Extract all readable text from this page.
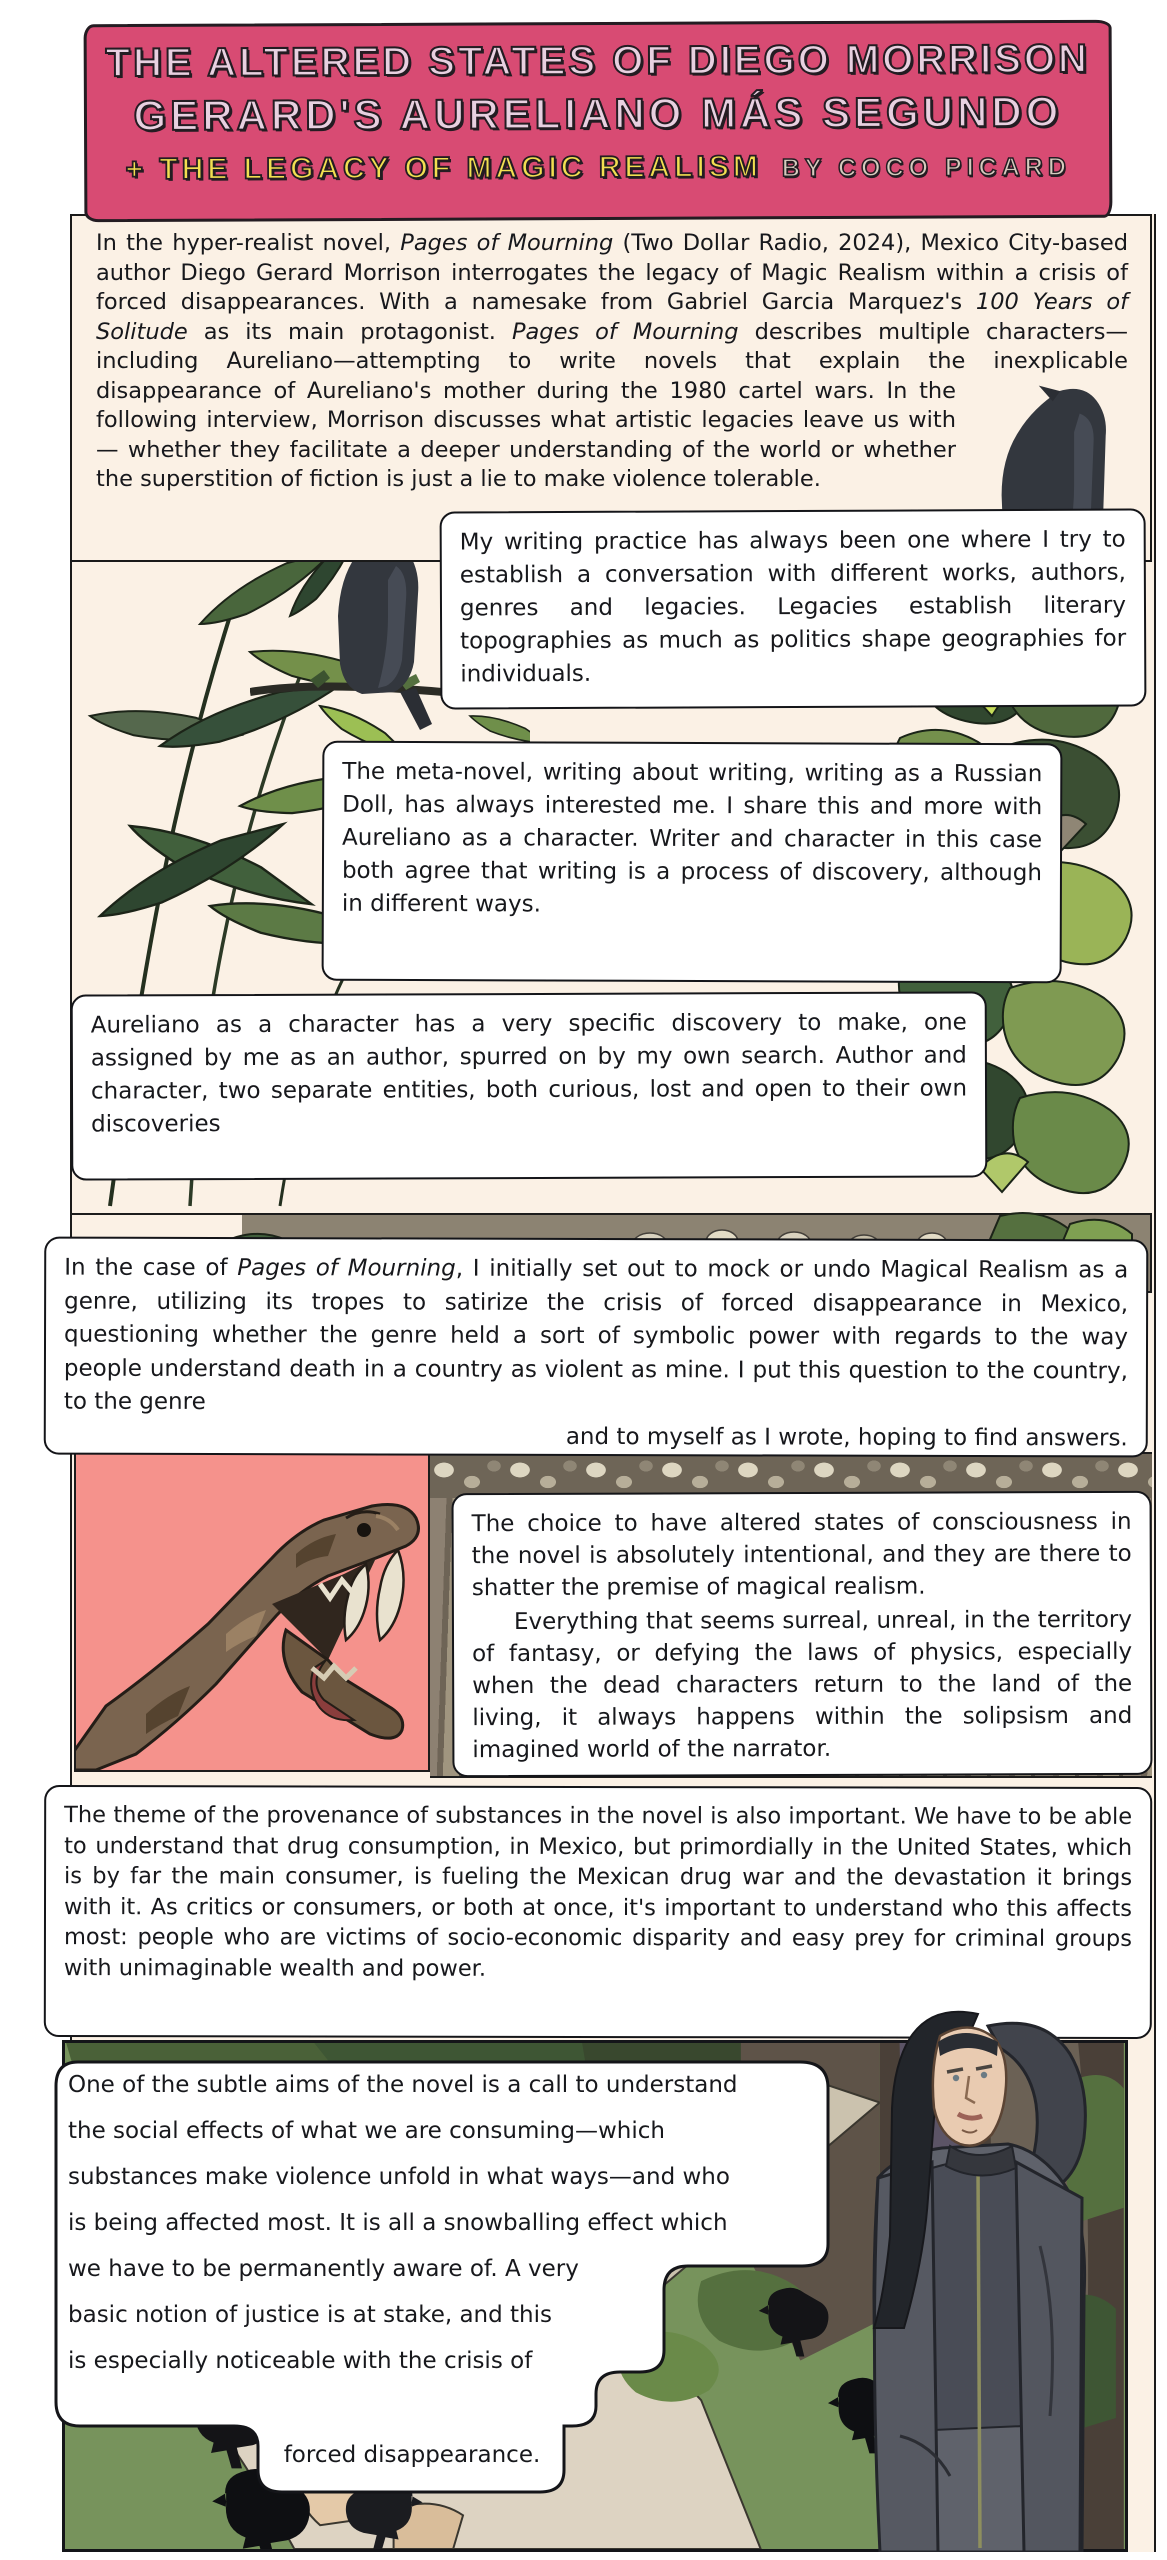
THE ALTERED STATES OF DIEGO MORRISON
GERARD'S AURELIANO MÁS SEGUNDO
+ THE LEGACY OF MAGIC REALISM BY COCO PICARD
In the hyper-realist novel, Pages of Mourning (Two Dollar Radio, 2024), Mexico City-based author Diego Gerard Morrison interrogates the legacy of Magic Realism within a crisis of forced disappearances. With a namesake from Gabriel Garcia Marquez's 100 Years of Solitude as its main protagonist. Pages of Mourning describes multiple characters—including Aureliano—attempting to write novels that explain the inexplicable
disappearance of Aureliano's mother during the 1980 cartel wars. In the following interview, Morrison discusses what artistic legacies leave us with — whether they facilitate a deeper understanding of the world or whether the superstition of fiction is just a lie to make violence tolerable.
My writing practice has always been one where I try to establish a conversation with different works, authors, genres and legacies. Legacies establish literary topographies as much as politics shape geographies for individuals.
The meta-novel, writing about writing, writing as a Russian Doll, has always interested me. I share this and more with Aureliano as a character. Writer and character in this case both agree that writing is a process of discovery, although in different ways.
Aureliano as a character has a very specific discovery to make, one assigned by me as an author, spurred on by my own search. Author and character, two separate entities, both curious, lost and open to their own discoveries
In the case of Pages of Mourning, I initially set out to mock or undo Magical Realism as a genre, utilizing its tropes to satirize the crisis of forced disappearance in Mexico, questioning whether the genre held a sort of symbolic power with regards to the way people understand death in a country as violent as mine. I put this question to the country, to the genre
and to myself as I wrote, hoping to find answers.
The choice to have altered states of consciousness in the novel is absolutely intentional, and they are there to shatter the premise of magical realism.
Everything that seems surreal, unreal, in the territory of fantasy, or defying the laws of physics, especially when the dead characters return to the land of the living, it always happens within the solipsism and imagined world of the narrator.
The theme of the provenance of substances in the novel is also important. We have to be able to understand that drug consumption, in Mexico, but primordially in the United States, which is by far the main consumer, is fueling the Mexican drug war and the devastation it brings with it. As critics or consumers, or both at once, it's important to understand who this affects most: people who are victims of socio-economic disparity and easy prey for criminal groups with unimaginable wealth and power.
One of the subtle aims of the novel is a call to understand
the social effects of what we are consuming—which
substances make violence unfold in what ways—and who
is being affected most. It is all a snowballing effect which
we have to be permanently aware of. A very
basic notion of justice is at stake, and this
is especially noticeable with the crisis of
forced disappearance.
